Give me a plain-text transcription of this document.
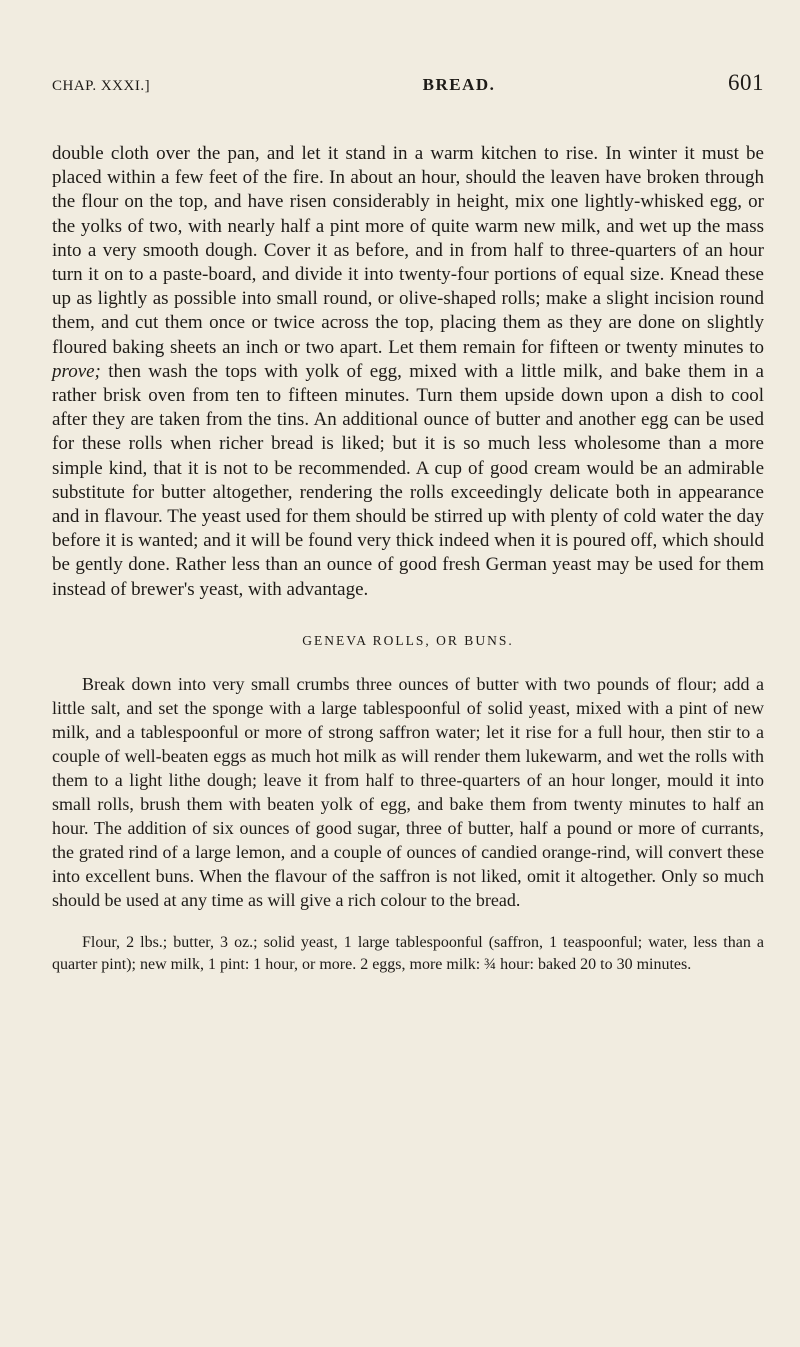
CHAP. XXXI.]	BREAD.	601

double cloth over the pan, and let it stand in a warm kitchen to rise. In winter it must be placed within a few feet of the fire. In about an hour, should the leaven have broken through the flour on the top, and have risen considerably in height, mix one lightly-whisked egg, or the yolks of two, with nearly half a pint more of quite warm new milk, and wet up the mass into a very smooth dough. Cover it as before, and in from half to three-quarters of an hour turn it on to a paste-board, and divide it into twenty-four portions of equal size. Knead these up as lightly as possible into small round, or olive-shaped rolls; make a slight incision round them, and cut them once or twice across the top, placing them as they are done on slightly floured baking sheets an inch or two apart. Let them remain for fifteen or twenty minutes to prove; then wash the tops with yolk of egg, mixed with a little milk, and bake them in a rather brisk oven from ten to fifteen minutes. Turn them upside down upon a dish to cool after they are taken from the tins. An additional ounce of butter and another egg can be used for these rolls when richer bread is liked; but it is so much less wholesome than a more simple kind, that it is not to be recommended. A cup of good cream would be an admirable substitute for butter altogether, rendering the rolls exceedingly delicate both in appearance and in flavour. The yeast used for them should be stirred up with plenty of cold water the day before it is wanted; and it will be found very thick indeed when it is poured off, which should be gently done. Rather less than an ounce of good fresh German yeast may be used for them instead of brewer's yeast, with advantage.

GENEVA ROLLS, OR BUNS.

Break down into very small crumbs three ounces of butter with two pounds of flour; add a little salt, and set the sponge with a large tablespoonful of solid yeast, mixed with a pint of new milk, and a tablespoonful or more of strong saffron water; let it rise for a full hour, then stir to a couple of well-beaten eggs as much hot milk as will render them lukewarm, and wet the rolls with them to a light lithe dough; leave it from half to three-quarters of an hour longer, mould it into small rolls, brush them with beaten yolk of egg, and bake them from twenty minutes to half an hour. The addition of six ounces of good sugar, three of butter, half a pound or more of currants, the grated rind of a large lemon, and a couple of ounces of candied orange-rind, will convert these into excellent buns. When the flavour of the saffron is not liked, omit it altogether. Only so much should be used at any time as will give a rich colour to the bread.

Flour, 2 lbs.; butter, 3 oz.; solid yeast, 1 large tablespoonful (saffron, 1 teaspoonful; water, less than a quarter pint); new milk, 1 pint: 1 hour, or more. 2 eggs, more milk: ¾ hour: baked 20 to 30 minutes.
